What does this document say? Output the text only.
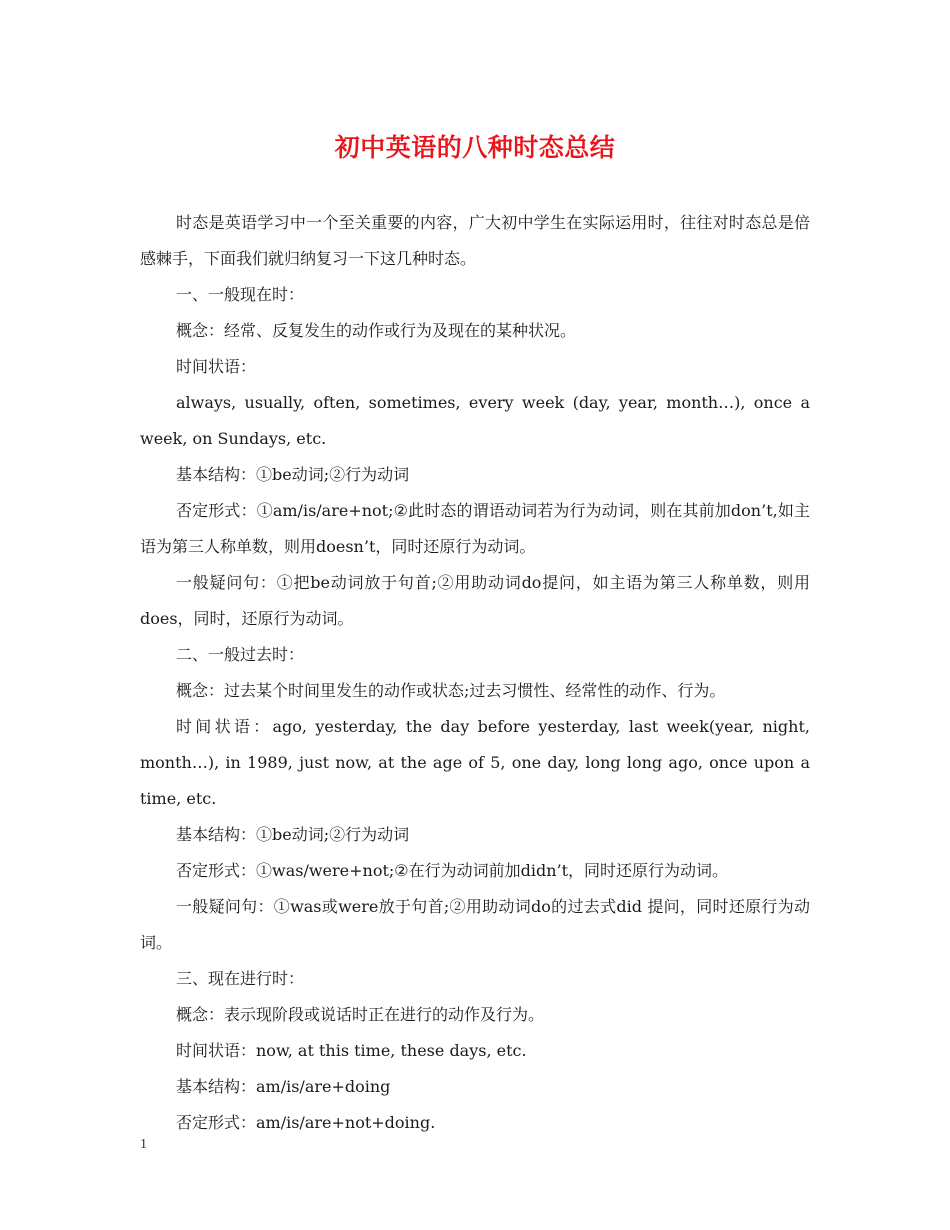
初中英语的八种时态总结

时态是英语学习中一个至关重要的内容，广大初中学生在实际运用时，往往对时态总是倍感棘手，下面我们就归纳复习一下这几种时态。

一、一般现在时：

概念：经常、反复发生的动作或行为及现在的某种状况。

时间状语：

always, usually, often, sometimes, every week (day, year, month…), once a week, on Sundays, etc.

基本结构：①be动词;②行为动词

否定形式：①am/is/are+not;②此时态的谓语动词若为行为动词，则在其前加don’t,如主语为第三人称单数，则用doesn’t，同时还原行为动词。

一般疑问句：①把be动词放于句首;②用助动词do提问，如主语为第三人称单数，则用does，同时，还原行为动词。

二、一般过去时：

概念：过去某个时间里发生的动作或状态;过去习惯性、经常性的动作、行为。

时间状语：ago, yesterday, the day before yesterday, last week(year, night, month…), in 1989, just now, at the age of 5, one day, long long ago, once upon a time, etc.

基本结构：①be动词;②行为动词

否定形式：①was/were+not;②在行为动词前加didn’t，同时还原行为动词。

一般疑问句：①was或were放于句首;②用助动词do的过去式did 提问，同时还原行为动词。

三、现在进行时：

概念：表示现阶段或说话时正在进行的动作及行为。

时间状语：now, at this time, these days, etc.

基本结构：am/is/are+doing

否定形式：am/is/are+not+doing.

1
